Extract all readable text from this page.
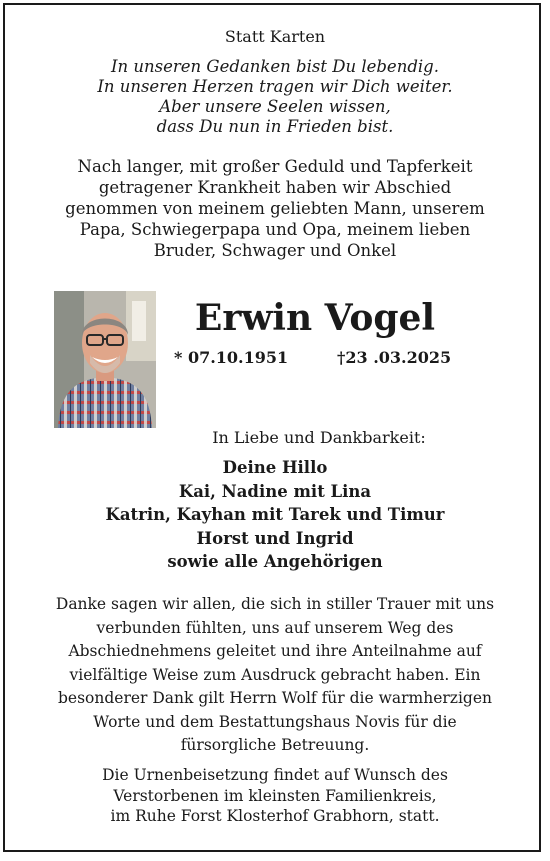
Statt Karten
In unseren Gedanken bist Du lebendig.
In unseren Herzen tragen wir Dich weiter.
Aber unsere Seelen wissen,
dass Du nun in Frieden bist.
Nach langer, mit großer Geduld und Tapferkeit
getragener Krankheit haben wir Abschied
genommen von meinem geliebten Mann, unserem
Papa, Schwiegerpapa und Opa, meinem lieben
Bruder, Schwager und Onkel
Erwin Vogel
* 07.10.1951	†23 .03.2025
In Liebe und Dankbarkeit:
Deine Hillo
Kai, Nadine mit Lina
Katrin, Kayhan mit Tarek und Timur
Horst und Ingrid
sowie alle Angehörigen
Danke sagen wir allen, die sich in stiller Trauer mit uns
verbunden fühlten, uns auf unserem Weg des
Abschiednehmens geleitet und ihre Anteilnahme auf
vielfältige Weise zum Ausdruck gebracht haben. Ein
besonderer Dank gilt Herrn Wolf für die warmherzigen
Worte und dem Bestattungshaus Novis für die
fürsorgliche Betreuung.
Die Urnenbeisetzung findet auf Wunsch des
Verstorbenen im kleinsten Familienkreis,
im Ruhe Forst Klosterhof Grabhorn, statt.
